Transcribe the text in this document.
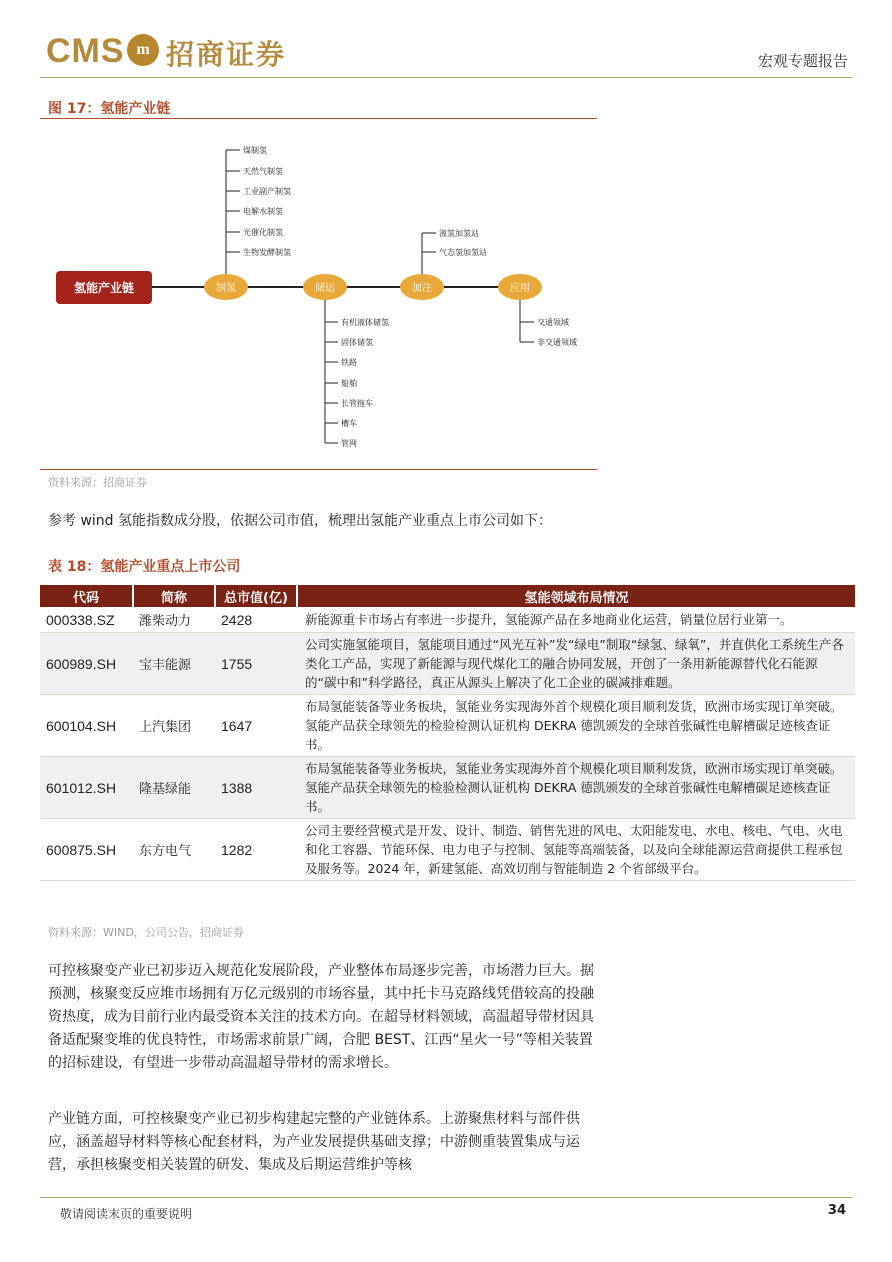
CMS m 招商证券	宏观专题报告
图 17：氢能产业链
氢能产业链	制氢	储运	加注	应用
煤制氢
天然气制氢
工业副产制氢
电解水制氢
光催化制氢
生物发酵制氢
有机液体储氢
固体储氢
铁路
船舶
长管拖车
槽车
管网
液氢加氢站
气态氢加氢站
交通领域
非交通领域
资料来源：招商证券
参考 wind 氢能指数成分股，依据公司市值，梳理出氢能产业重点上市公司如下：
表 18：氢能产业重点上市公司
代码	简称	总市值(亿)	氢能领域布局情况
000338.SZ	潍柴动力	2428	新能源重卡市场占有率进一步提升，氢能源产品在多地商业化运营，销量位居行业第一。
600989.SH	宝丰能源	1755	公司实施氢能项目，氢能项目通过“风光互补”发“绿电”制取“绿氢、绿氧”，并直供化工系统生产各类化工产品，实现了新能源与现代煤化工的融合协同发展，开创了一条用新能源替代化石能源的“碳中和”科学路径，真正从源头上解决了化工企业的碳减排难题。
600104.SH	上汽集团	1647	布局氢能装备等业务板块，氢能业务实现海外首个规模化项目顺利发货，欧洲市场实现订单突破。氢能产品获全球领先的检验检测认证机构 DEKRA 德凯颁发的全球首张碱性电解槽碳足迹核查证书。
601012.SH	隆基绿能	1388	布局氢能装备等业务板块，氢能业务实现海外首个规模化项目顺利发货，欧洲市场实现订单突破。氢能产品获全球领先的检验检测认证机构 DEKRA 德凯颁发的全球首张碱性电解槽碳足迹核查证书。
600875.SH	东方电气	1282	公司主要经营模式是开发、设计、制造、销售先进的风电、太阳能发电、水电、核电、气电、火电和化工容器、节能环保、电力电子与控制、氢能等高端装备，以及向全球能源运营商提供工程承包及服务等。2024 年，新建氢能、高效切削与智能制造 2 个省部级平台。
资料来源：WIND，公司公告，招商证券
可控核聚变产业已初步迈入规范化发展阶段，产业整体布局逐步完善，市场潜力巨大。据预测，核聚变反应堆市场拥有万亿元级别的市场容量，其中托卡马克路线凭借较高的投融资热度，成为目前行业内最受资本关注的技术方向。在超导材料领域，高温超导带材因具备适配聚变堆的优良特性，市场需求前景广阔，合肥 BEST、江西“星火一号”等相关装置的招标建设，有望进一步带动高温超导带材的需求增长。
产业链方面，可控核聚变产业已初步构建起完整的产业链体系。上游聚焦材料与部件供应，涵盖超导材料等核心配套材料，为产业发展提供基础支撑；中游侧重装置集成与运营，承担核聚变相关装置的研发、集成及后期运营维护等核
敬请阅读末页的重要说明	34
